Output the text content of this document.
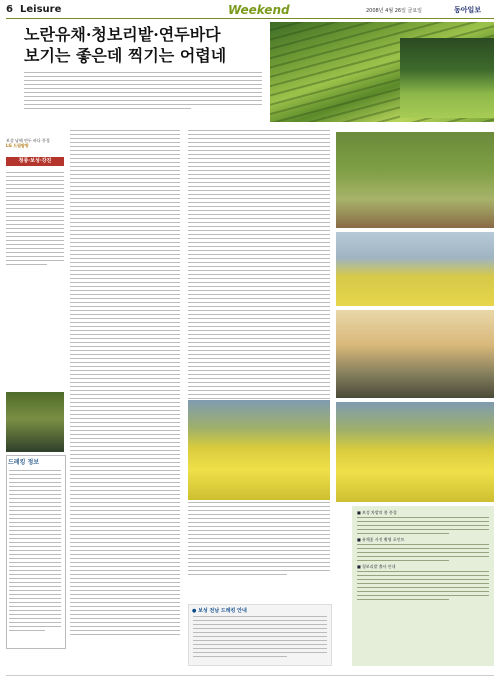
6 Leisure	Weekend	2008년 4월 26일 금요일	동아일보
노란유채·청보리밭·연두바다
보기는 좋은데 찍기는 어렵네
보성 남해 연두 바다 풍경
LG 드림탐방
청풍·보성·강진
드레킹 정보
■ 보성 차밭의 봄 풍경
■ 유채꽃 사진 촬영 포인트
■ 청보리밭 출사 안내
● 보성 전남 드레킹 안내
